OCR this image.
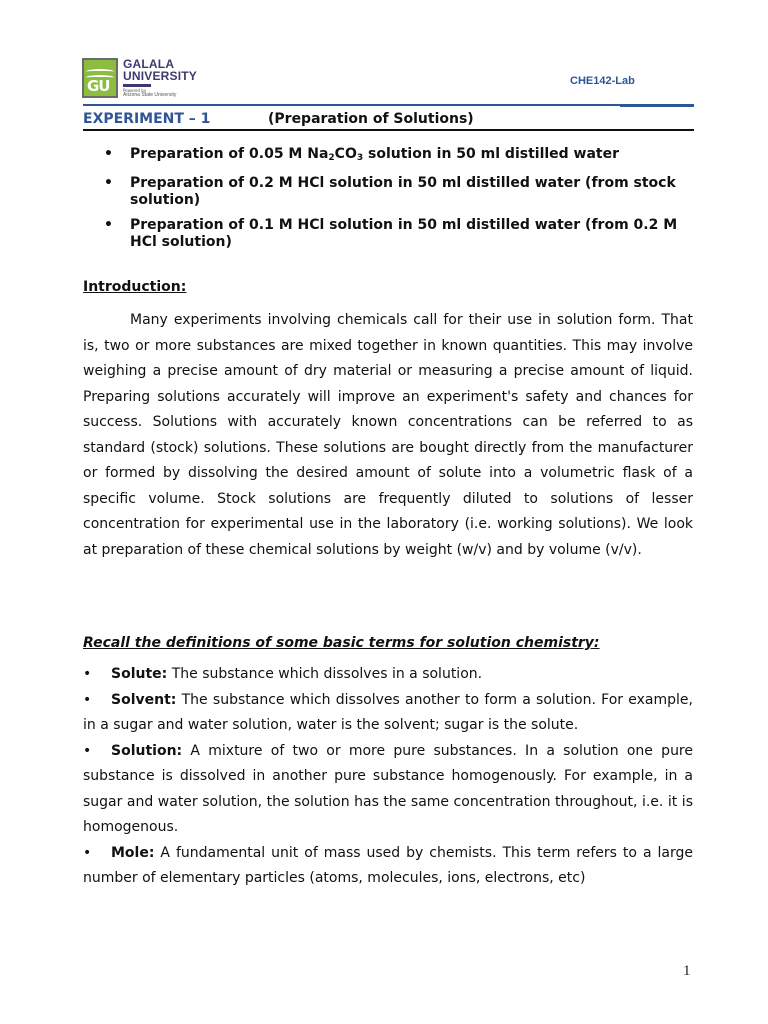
GU
GALALA
UNIVERSITY
Powered by
Arizona State University
CHE142-Lab
EXPERIMENT – 1	(Preparation of Solutions)
• Preparation of 0.05 M $Na_2CO_3$ solution in 50 ml distilled water
• Preparation of 0.2 M HCl solution in 50 ml distilled water (from stock solution)
• Preparation of 0.1 M HCl solution in 50 ml distilled water (from 0.2 M HCl solution)
Introduction:

Many experiments involving chemicals call for their use in solution form. That is, two or more substances are mixed together in known quantities. This may involve weighing a precise amount of dry material or measuring a precise amount of liquid. Preparing solutions accurately will improve an experiment's safety and chances for success. Solutions with accurately known concentrations can be referred to as standard (stock) solutions. These solutions are bought directly from the manufacturer or formed by dissolving the desired amount of solute into a volumetric flask of a specific volume. Stock solutions are frequently diluted to solutions of lesser concentration for experimental use in the laboratory (i.e. working solutions). We look at preparation of these chemical solutions by weight (w/v) and by volume (v/v).

Recall the definitions of some basic terms for solution chemistry:

• Solute: The substance which dissolves in a solution.

• Solvent: The substance which dissolves another to form a solution. For example, in a sugar and water solution, water is the solvent; sugar is the solute.

• Solution: A mixture of two or more pure substances. In a solution one pure substance is dissolved in another pure substance homogenously. For example, in a sugar and water solution, the solution has the same concentration throughout, i.e. it is homogenous.

• Mole: A fundamental unit of mass used by chemists. This term refers to a large number of elementary particles (atoms, molecules, ions, electrons, etc)

1
